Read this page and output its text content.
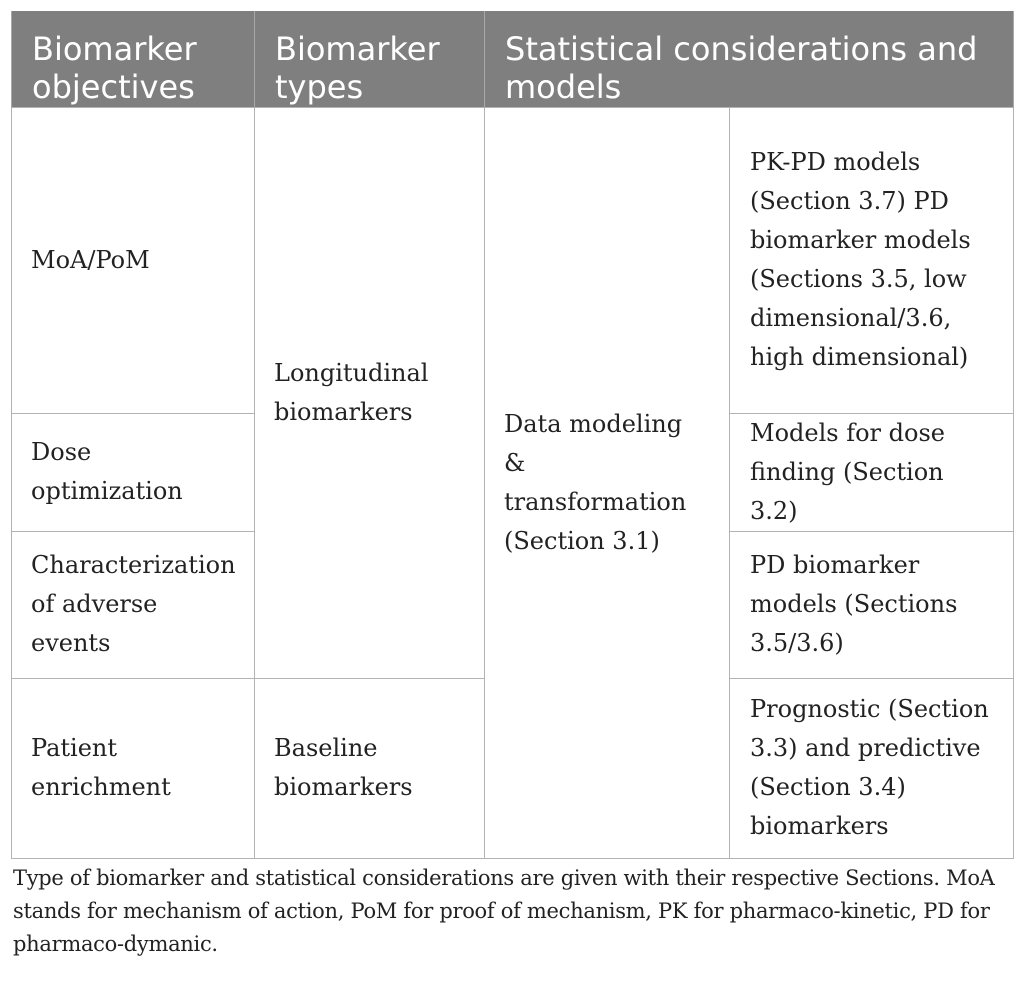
Biomarker objectives	Biomarker types	Statistical considerations and models	
MoA/PoM	Longitudinal biomarkers	Data modeling & transformation (Section 3.1)	PK-PD models (Section 3.7) PD biomarker models (Sections 3.5, low dimensional/3.6, high dimensional)
Dose optimization			Models for dose finding (Section 3.2)
Characterization of adverse events			PD biomarker models (Sections 3.5/3.6)
Patient enrichment	Baseline biomarkers		Prognostic (Section 3.3) and predictive (Section 3.4) biomarkers
Type of biomarker and statistical considerations are given with their respective Sections. MoA stands for mechanism of action, PoM for proof of mechanism, PK for pharmaco-kinetic, PD for pharmaco-dymanic.
